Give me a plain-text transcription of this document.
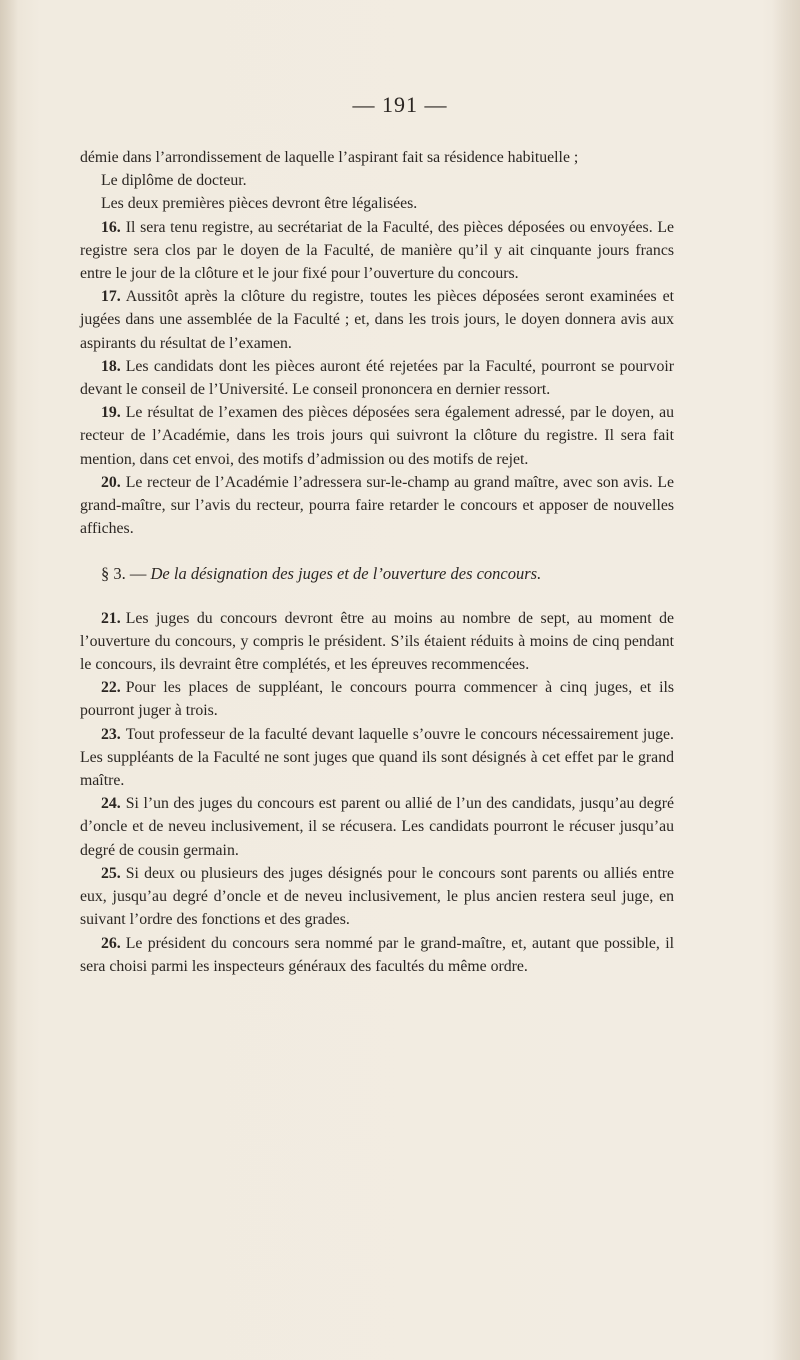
— 191 —

démie dans l’arrondissement de laquelle l’aspirant fait sa résidence habituelle ;

Le diplôme de docteur.

Les deux premières pièces devront être légalisées.

16. Il sera tenu registre, au secrétariat de la Faculté, des pièces déposées ou envoyées. Le registre sera clos par le doyen de la Faculté, de manière qu’il y ait cinquante jours francs entre le jour de la clôture et le jour fixé pour l’ouverture du concours.

17. Aussitôt après la clôture du registre, toutes les pièces déposées seront examinées et jugées dans une assemblée de la Faculté ; et, dans les trois jours, le doyen donnera avis aux aspirants du résultat de l’examen.

18. Les candidats dont les pièces auront été rejetées par la Faculté, pourront se pourvoir devant le conseil de l’Université. Le conseil prononcera en dernier ressort.

19. Le résultat de l’examen des pièces déposées sera également adressé, par le doyen, au recteur de l’Académie, dans les trois jours qui suivront la clôture du registre. Il sera fait mention, dans cet envoi, des motifs d’admission ou des motifs de rejet.

20. Le recteur de l’Académie l’adressera sur-le-champ au grand maître, avec son avis. Le grand-maître, sur l’avis du recteur, pourra faire retarder le concours et apposer de nouvelles affiches.

§ 3. — De la désignation des juges et de l’ouverture des concours.

21. Les juges du concours devront être au moins au nombre de sept, au moment de l’ouverture du concours, y compris le président. S’ils étaient réduits à moins de cinq pendant le concours, ils devraint être complétés, et les épreuves recommencées.

22. Pour les places de suppléant, le concours pourra commencer à cinq juges, et ils pourront juger à trois.

23. Tout professeur de la faculté devant laquelle s’ouvre le concours nécessairement juge. Les suppléants de la Faculté ne sont juges que quand ils sont désignés à cet effet par le grand maître.

24. Si l’un des juges du concours est parent ou allié de l’un des candidats, jusqu’au degré d’oncle et de neveu inclusivement, il se récusera. Les candidats pourront le récuser jusqu’au degré de cousin germain.

25. Si deux ou plusieurs des juges désignés pour le concours sont parents ou alliés entre eux, jusqu’au degré d’oncle et de neveu inclusivement, le plus ancien restera seul juge, en suivant l’ordre des fonctions et des grades.

26. Le président du concours sera nommé par le grand-maître, et, autant que possible, il sera choisi parmi les inspecteurs généraux des facultés du même ordre.
